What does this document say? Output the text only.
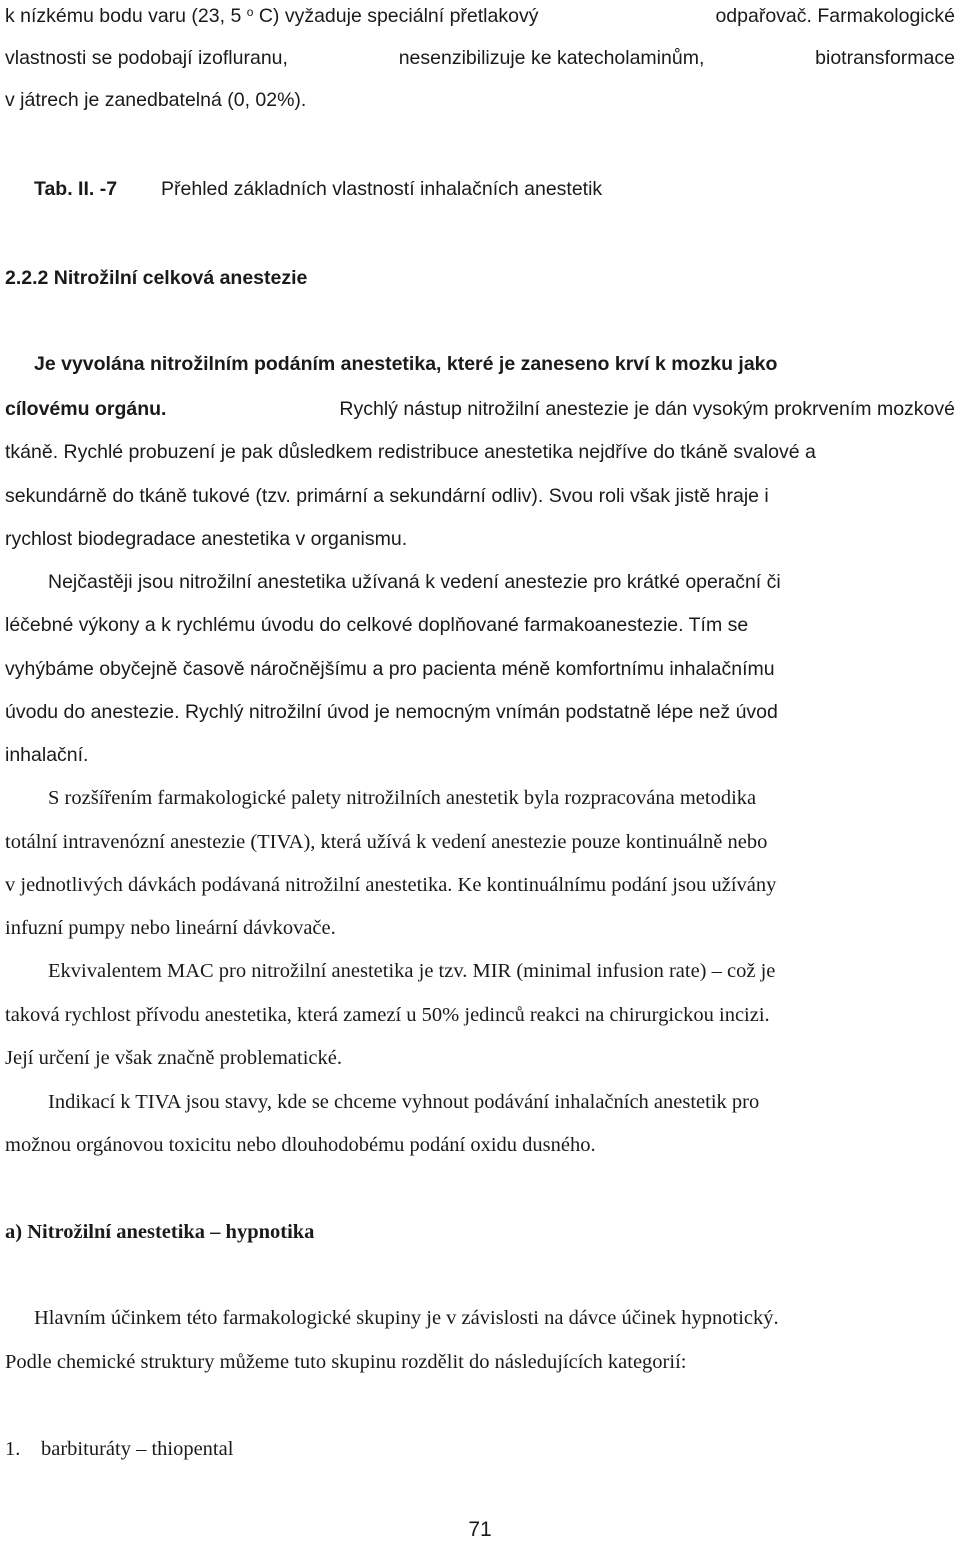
k nízkému bodu varu (23, 5 $^o$ C) vyžaduje speciální přetlakový	odpařovač. Farmakologické
vlastnosti se podobají izofluranu,	nesenzibilizuje ke katecholaminům,	biotransformace
v játrech je zanedbatelná (0, 02%).
Tab. II. -7 Přehled základních vlastností inhalačních anestetik
2.2.2 Nitrožilní celková anestezie
Je vyvolána nitrožilním podáním anestetika, které je zaneseno krví k mozku jako
cílovému orgánu.	Rychlý nástup nitrožilní anestezie je dán vysokým prokrvením mozkové
tkáně. Rychlé probuzení je pak důsledkem redistribuce anestetika nejdříve do tkáně svalové a
sekundárně do tkáně tukové (tzv. primární a sekundární odliv). Svou roli však jistě hraje i
rychlost biodegradace anestetika v organismu.
Nejčastěji jsou nitrožilní anestetika užívaná k vedení anestezie pro krátké operační či
léčebné výkony a k rychlému úvodu do celkové doplňované farmakoanestezie. Tím se
vyhýbáme obyčejně časově náročnějšímu a pro pacienta méně komfortnímu inhalačnímu
úvodu do anestezie. Rychlý nitrožilní úvod je nemocným vnímán podstatně lépe než úvod
inhalační.
S rozšířením farmakologické palety nitrožilních anestetik byla rozpracována metodika
totální intravenózní anestezie (TIVA), která užívá k vedení anestezie pouze kontinuálně nebo
v jednotlivých dávkách podávaná nitrožilní anestetika. Ke kontinuálnímu podání jsou užívány
infuzní pumpy nebo lineární dávkovače.
Ekvivalentem MAC pro nitrožilní anestetika je tzv. MIR (minimal infusion rate) – což je
taková rychlost přívodu anestetika, která zamezí u 50% jedinců reakci na chirurgickou incizi.
Její určení je však značně problematické.
Indikací k TIVA jsou stavy, kde se chceme vyhnout podávání inhalačních anestetik pro
možnou orgánovou toxicitu nebo dlouhodobému podání oxidu dusného.
a) Nitrožilní anestetika – hypnotika
Hlavním účinkem této farmakologické skupiny je v závislosti na dávce účinek hypnotický.
Podle chemické struktury můžeme tuto skupinu rozdělit do následujících kategorií:
1. barbituráty – thiopental
71
